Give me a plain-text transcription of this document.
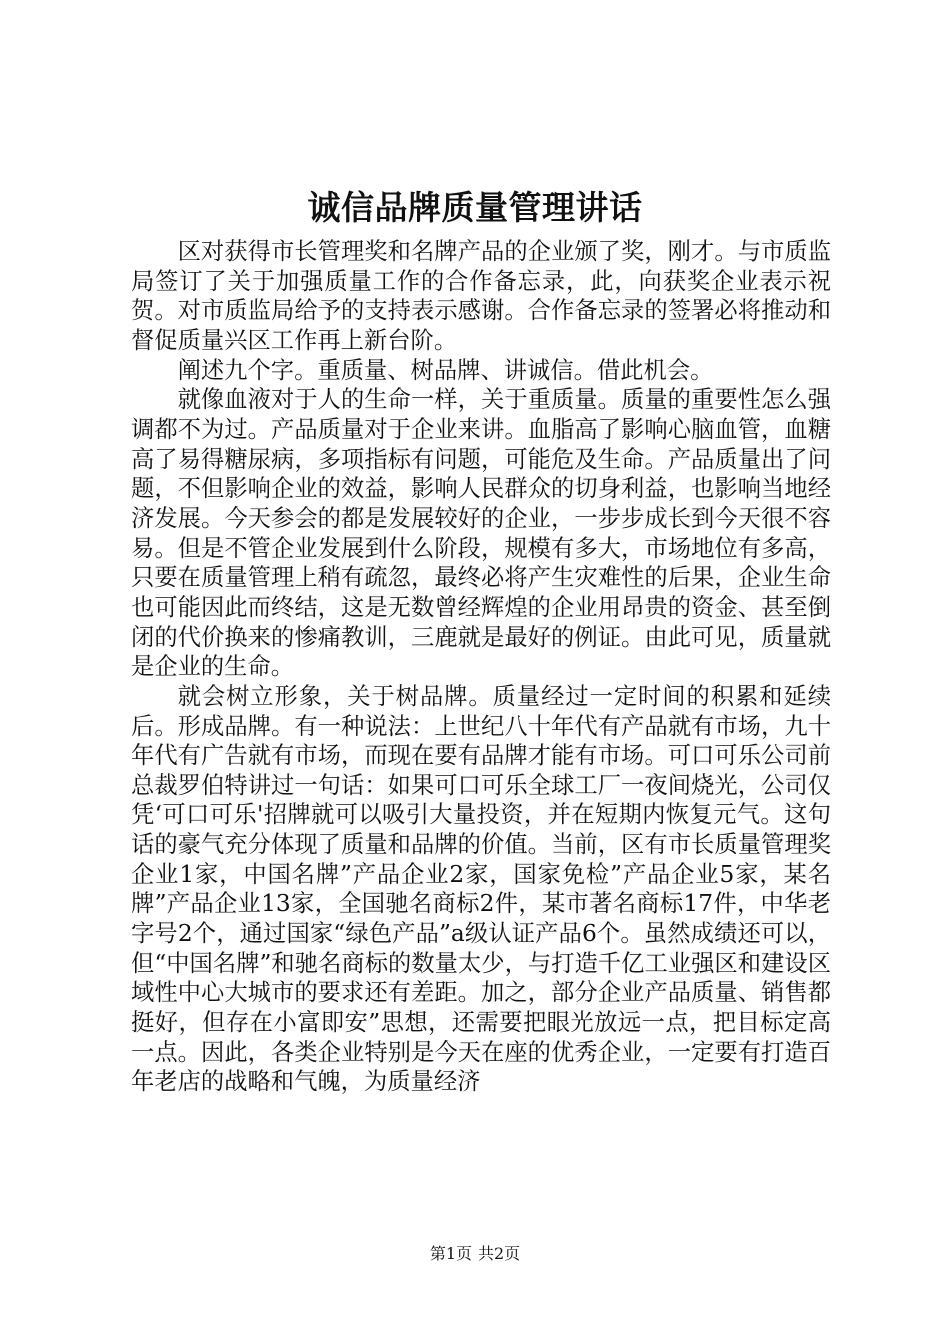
诚信品牌质量管理讲话

区对获得市长管理奖和名牌产品的企业颁了奖，刚才。与市质监局签订了关于加强质量工作的合作备忘录，此，向获奖企业表示祝贺。对市质监局给予的支持表示感谢。合作备忘录的签署必将推动和督促质量兴区工作再上新台阶。

阐述九个字。重质量、树品牌、讲诚信。借此机会。

就像血液对于人的生命一样，关于重质量。质量的重要性怎么强调都不为过。产品质量对于企业来讲。血脂高了影响心脑血管，血糖高了易得糖尿病，多项指标有问题，可能危及生命。产品质量出了问题，不但影响企业的效益，影响人民群众的切身利益，也影响当地经济发展。今天参会的都是发展较好的企业，一步步成长到今天很不容易。但是不管企业发展到什么阶段，规模有多大，市场地位有多高，只要在质量管理上稍有疏忽，最终必将产生灾难性的后果，企业生命也可能因此而终结，这是无数曾经辉煌的企业用昂贵的资金、甚至倒闭的代价换来的惨痛教训，三鹿就是最好的例证。由此可见，质量就是企业的生命。

就会树立形象，关于树品牌。质量经过一定时间的积累和延续后。形成品牌。有一种说法：上世纪八十年代有产品就有市场，九十年代有广告就有市场，而现在要有品牌才能有市场。可口可乐公司前总裁罗伯特讲过一句话：如果可口可乐全球工厂一夜间烧光，公司仅凭‘可口可乐'招牌就可以吸引大量投资，并在短期内恢复元气。这句话的豪气充分体现了质量和品牌的价值。当前，区有市长质量管理奖企业1家，中国名牌”产品企业2家，国家免检”产品企业5家，某名牌”产品企业13家，全国驰名商标2件，某市著名商标17件，中华老字号2个，通过国家“绿色产品”a级认证产品6个。虽然成绩还可以，但“中国名牌”和驰名商标的数量太少，与打造千亿工业强区和建设区域性中心大城市的要求还有差距。加之，部分企业产品质量、销售都挺好，但存在小富即安”思想，还需要把眼光放远一点，把目标定高一点。因此，各类企业特别是今天在座的优秀企业，一定要有打造百年老店的战略和气魄，为质量经济

第1页 共2页
